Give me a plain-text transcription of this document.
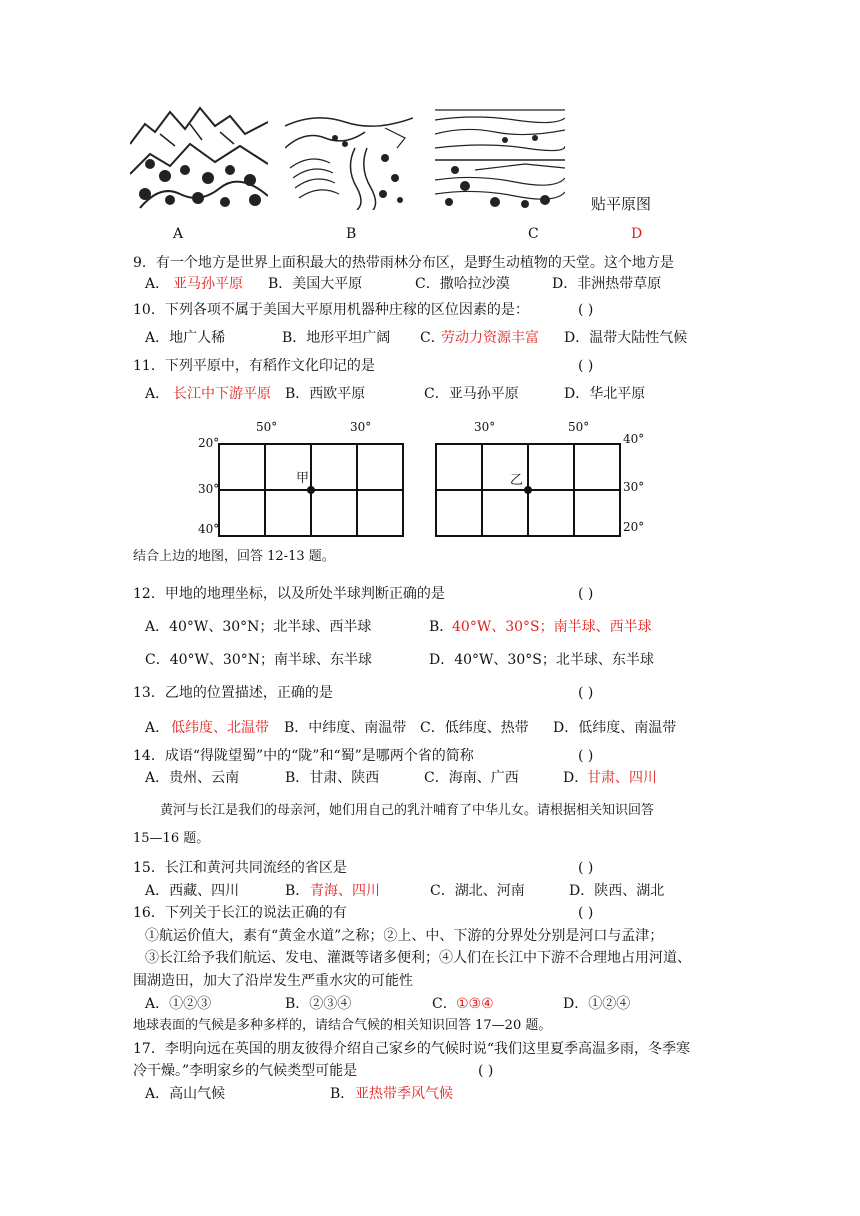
贴平原图
A	B	C	D
9．有一个地方是世界上面积最大的热带雨林分布区，是野生动植物的天堂。这个地方是
A． 亚马孙平原 B．美国大平原	C．撒哈拉沙漠	D．非洲热带草原
10．下列各项不属于美国大平原用机器种庄稼的区位因素的是：	( )
A．地广人稀	B．地形平坦广阔 C．
劳动力资源丰富 D．温带大陆性气候
11．下列平原中，有稻作文化印记的是	( )
A． 长江中下游平原 B．西欧平原	C．亚马孙平原	D．华北平原
50°	30°
20°
30°
40°
甲
30°	50°
40°
30°
20°
乙
结合上边的地图，回答 12-13 题。
12．甲地的地理坐标，以及所处半球判断正确的是	( )
A．40°W、30°N；北半球、西半球	B．
40°W、30°S；南半球、西半球
C．40°W、30°N；南半球、东半球	D．40°W、30°S；北半球、东半球
13．乙地的位置描述，正确的是	( )
A． 低纬度、北温带 B．中纬度、南温带 C．低纬度、热带 D．低纬度、南温带
14．成语“得陇望蜀”中的“陇”和“蜀”是哪两个省的简称	( )
A．贵州、云南	B．甘肃、陕西	C．海南、广西	D．
甘肃、四川
黄河与长江是我们的母亲河，她们用自己的乳汁哺育了中华儿女。请根据相关知识回答
15—16 题。
15．长江和黄河共同流经的省区是	( )
A．西藏、四川	B． 青海、四川	C．湖北、河南	D．陕西、湖北
16．下列关于长江的说法正确的有	( )
①航运价值大，素有“黄金水道”之称；②上、中、下游的分界处分别是河口与孟津；
③长江给予我们航运、发电、灌溉等诸多便利；④人们在长江中下游不合理地占用河道、
围湖造田，加大了沿岸发生严重水灾的可能性
A．①②③	B．②③④	C． ①③④	D．①②④
地球表面的气候是多种多样的，请结合气候的相关知识回答 17—20 题。
17．李明向远在英国的朋友彼得介绍自己家乡的气候时说“我们这里夏季高温多雨，冬季寒
冷干燥。”李明家乡的气候类型可能是	( )
A．高山气候	B． 亚热带季风气候
